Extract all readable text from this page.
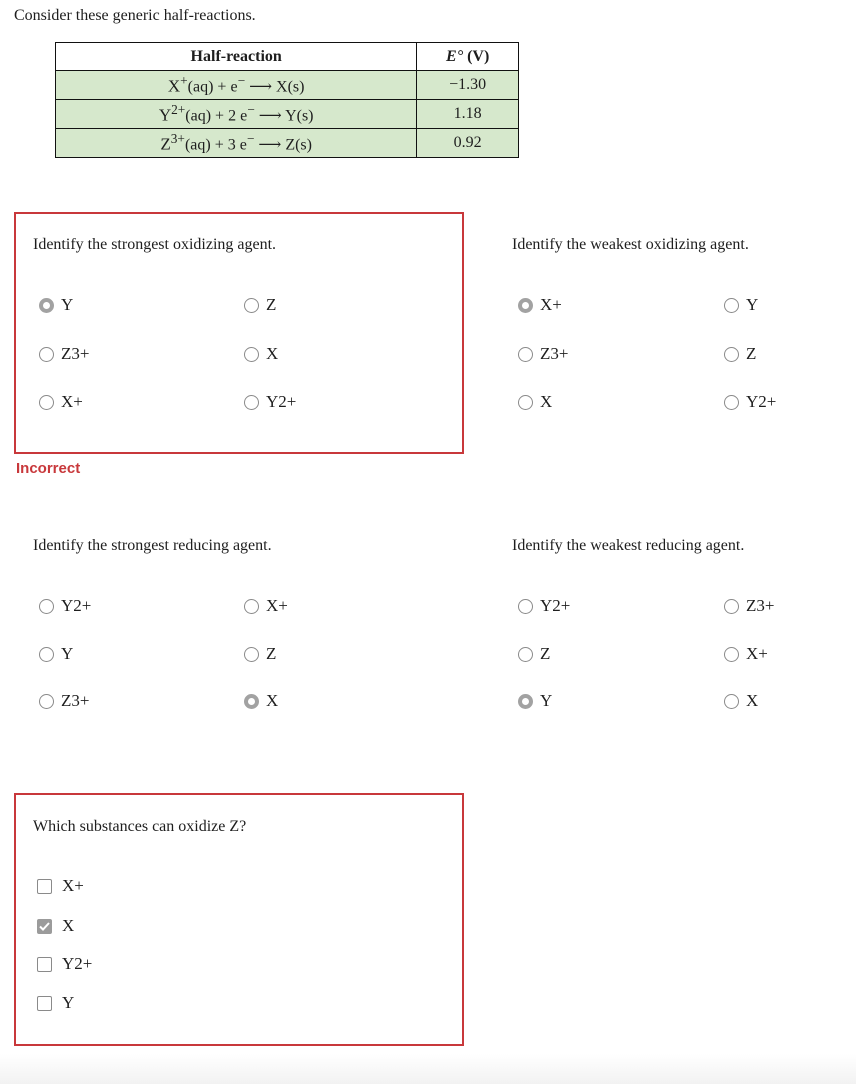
Consider these generic half-reactions.
Half-reaction	E° (V)
X+(aq) + e− ⟶ X(s)	−1.30
$Y^{2+}(aq) + 2$ e− ⟶ Y(s)	1.18
$Z^{3+}(aq) + 3$ e− ⟶ Z(s)	0.92
Identify the strongest oxidizing agent.
Y	Z
Z 3+	X
X +	Y 2+
Incorrect
Identify the weakest oxidizing agent.
X +	Y
Z 3+	Z
X	Y 2+
Identify the strongest reducing agent.
Y 2+	X +
Y	Z
Z 3+	X
Identify the weakest reducing agent.
Y 2+	Z 3+
Z	X +
Y	X
Which substances can oxidize Z?
X +
X
Y 2+
Y
